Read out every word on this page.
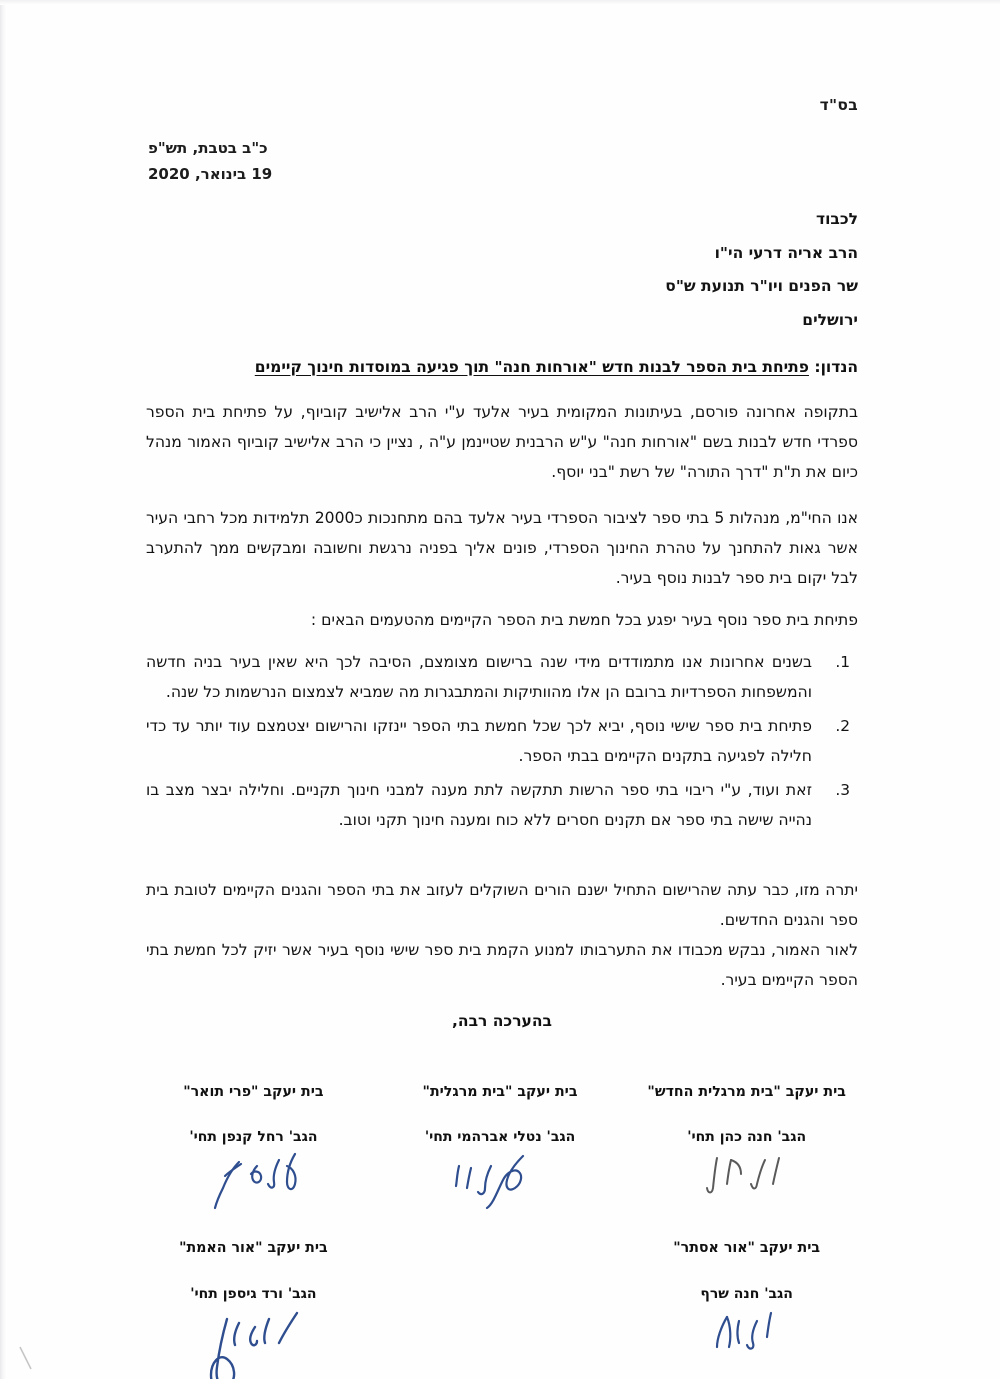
בס"ד
כ"ב בטבת, תש"פ
19 בינואר, 2020
לכבוד
הרב אריה דרעי הי"ו
שר הפנים ויו"ר תנועת ש"ס
ירושלים
הנדון: פתיחת בית הספר לבנות חדש "אורחות חנה" תוך פגיעה במוסדות חינוך קיימים
בתקופה אחרונה פורסם, בעיתונות המקומית בעיר אלעד ע"י הרב אלישיב קוביוף, על פתיחת בית הספר ספרדי חדש לבנות בשם "אורחות חנה" ע"ש הרבנית שטיינמן ע"ה , נציין כי הרב אלישיב קוביוף האמור מנהל כיום את ת"ת "דרך התורה" של רשת "בני יוסף.
אנו החי"מ, מנהלות 5 בתי ספר לציבור הספרדי בעיר אלעד בהם מתחנכות כ2000 תלמידות מכל רחבי העיר אשר גאות להתחנך על טהרת החינוך הספרדי, פונים אליך בפניה נרגשת וחשובה ומבקשים ממך להתערב לבל יקום בית ספר לבנות נוסף בעיר.
פתיחת בית ספר נוסף בעיר יפגע בכל חמשת בית הספר הקיימים מהטעמים הבאים :
.1
בשנים אחרונות אנו מתמודדים מידי שנה ברישום מצומצם, הסיבה לכך היא שאין בעיר בניה חדשה והמשפחות הספרדיות ברובם הן אלו מהוותיקות והמתבגרות מה שמביא לצמצום הנרשמות כל שנה.
.2
פתיחת בית ספר שישי נוסף, יביא לכך שכל חמשת בתי הספר יינזקו והרישום יצטמצם עוד יותר עד כדי חלילה לפגיעה בתקנים הקיימים בבתי הספר.
.3
זאת ועוד, ע"י ריבוי בתי ספר הרשות תתקשה לתת מענה למבני חינוך תקניים. וחלילה יבצר מצב בו נהייה שישה בתי ספר אם תקנים חסרים ללא כוח ומענה חינוך תקני וטוב.
יתרה מזו, כבר עתה שהרישום התחיל ישנם הורים השוקלים לעזוב את בתי הספר והגנים הקיימים לטובת בית ספר והגנים החדשים.
לאור האמור, נבקש מכבודו את התערבותו למנוע הקמת בית ספר שישי נוסף בעיר אשר יזיק לכל חמשת בתי הספר הקיימים בעיר.
בהערכה רבה,
בית יעקב "בית מרגלית החדש"
הגב' חנה כהן תחי'
בית יעקב "בית מרגלית"
הגב' נטלי אברהמי תחי'
בית יעקב "פרי תואר"
הגב' רחל קנפן תחי'
בית יעקב "אור אסתר"
הגב' חנה שרף
בית יעקב "אור האמת"
הגב' ורד גיספן תחי'
